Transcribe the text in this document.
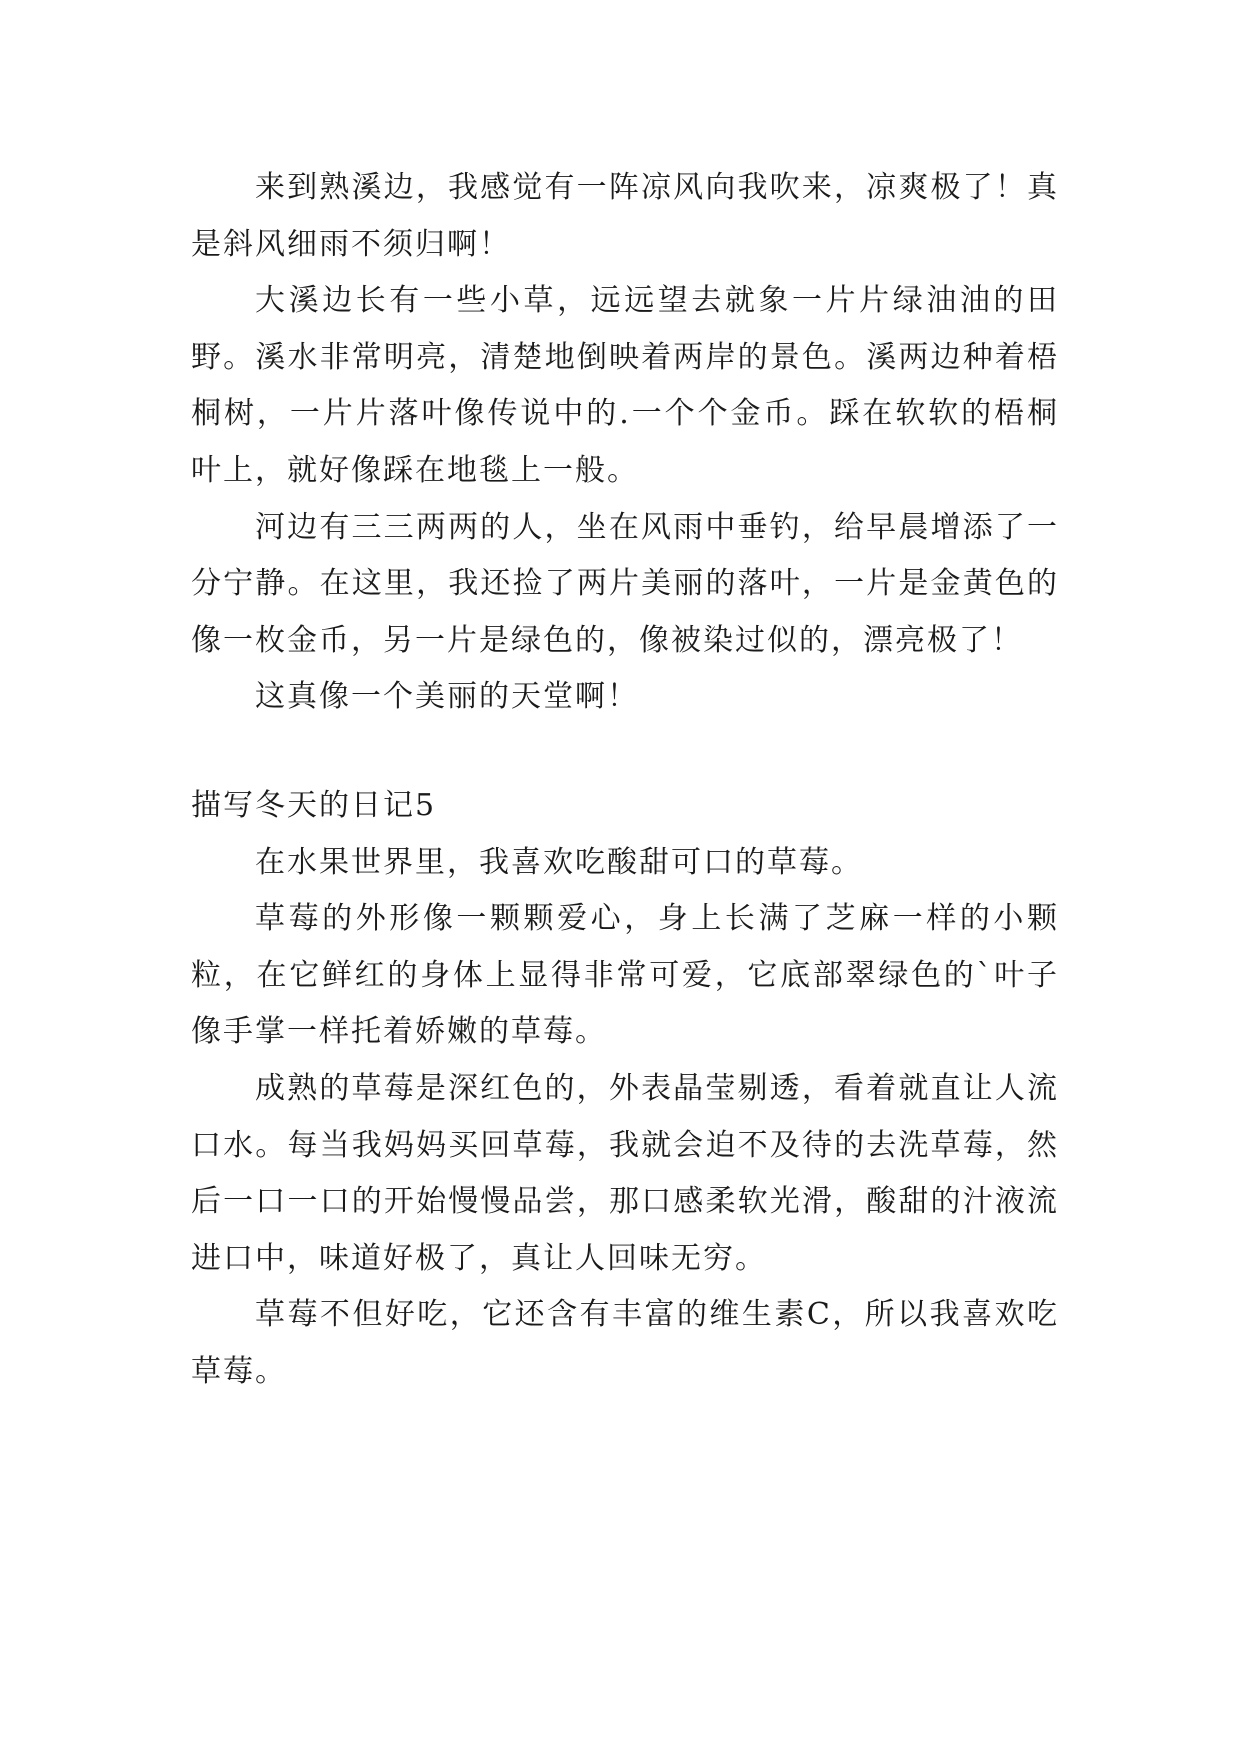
来到熟溪边，我感觉有一阵凉风向我吹来，凉爽极了！真是斜风细雨不须归啊！

大溪边长有一些小草，远远望去就象一片片绿油油的田野。溪水非常明亮，清楚地倒映着两岸的景色。溪两边种着梧桐树，一片片落叶像传说中的.一个个金币。踩在软软的梧桐叶上，就好像踩在地毯上一般。

河边有三三两两的人，坐在风雨中垂钓，给早晨增添了一分宁静。在这里，我还捡了两片美丽的落叶，一片是金黄色的像一枚金币，另一片是绿色的，像被染过似的，漂亮极了！

这真像一个美丽的天堂啊！

描写冬天的日记5

在水果世界里，我喜欢吃酸甜可口的草莓。

草莓的外形像一颗颗爱心，身上长满了芝麻一样的小颗粒，在它鲜红的身体上显得非常可爱，它底部翠绿色的`叶子像手掌一样托着娇嫩的草莓。

成熟的草莓是深红色的，外表晶莹剔透，看着就直让人流口水。每当我妈妈买回草莓，我就会迫不及待的去洗草莓，然后一口一口的开始慢慢品尝，那口感柔软光滑，酸甜的汁液流进口中，味道好极了，真让人回味无穷。

草莓不但好吃，它还含有丰富的维生素C，所以我喜欢吃草莓。
